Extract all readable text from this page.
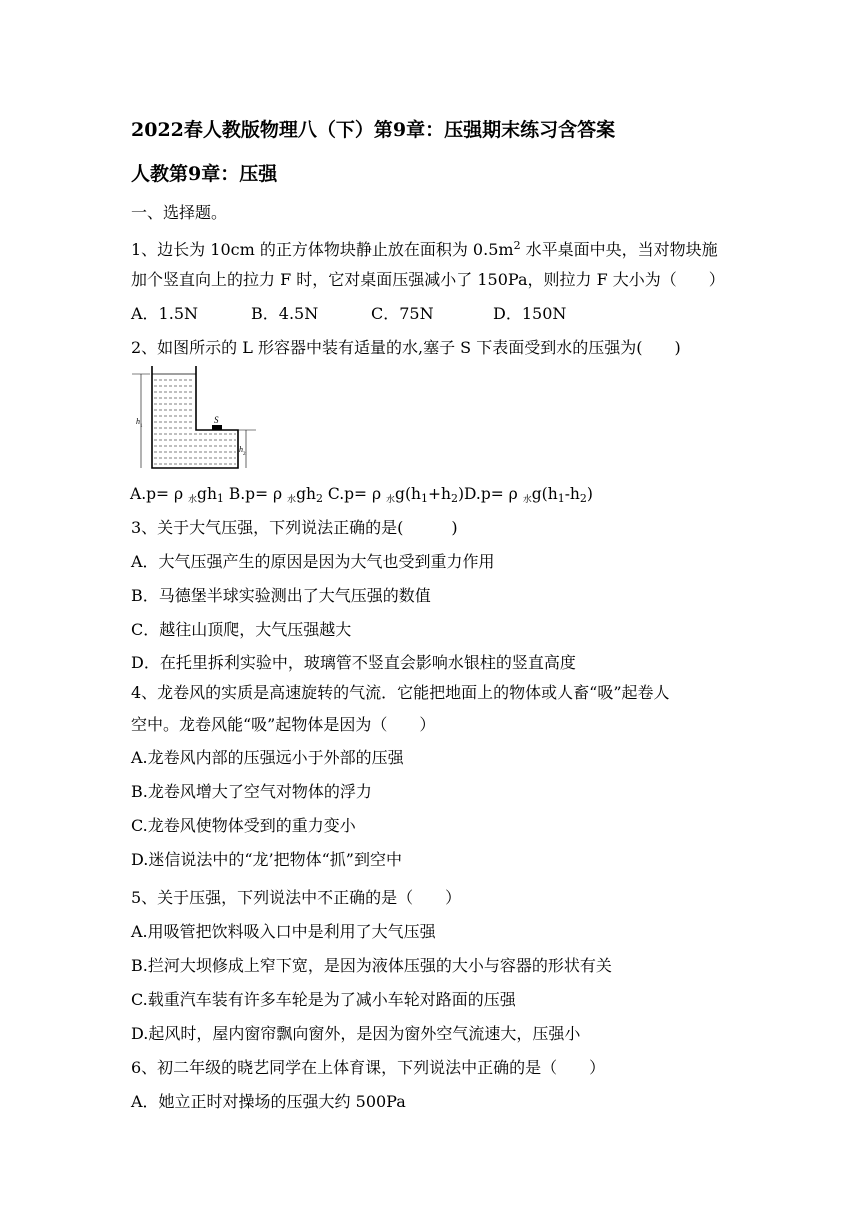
2022春人教版物理八（下）第9章：压强期末练习含答案
人教第9章：压强
一、选择题。
1、边长为 10cm 的正方体物块静止放在面积为 $0.5m^2$ 水平桌面中央，当对物块施
加个竖直向上的拉力 F 时，它对桌面压强减小了 150Pa，则拉力 F 大小为（　　）
A．1.5N	B．4.5N	C．75N	D．150N
2、如图所示的 L 形容器中装有适量的水,塞子 S 下表面受到水的压强为(　　)
S
h
1
h
2
A.p= ρ 水$gh_1$ B.p= ρ 水$gh_2$ C.p= ρ 水$g(h_1+h_2)D.p= \rho$ 水$g(h_1-h_2)$
3、关于大气压强，下列说法正确的是(　　　)
A．大气压强产生的原因是因为大气也受到重力作用
B．马德堡半球实验测出了大气压强的数值
C．越往山顶爬，大气压强越大
D．在托里拆利实验中，玻璃管不竖直会影响水银柱的竖直高度
4、龙卷风的实质是高速旋转的气流．它能把地面上的物体或人畜“吸”起卷人
空中。龙卷风能“吸”起物体是因为（　　）
A.龙卷风内部的压强远小于外部的压强
B.龙卷风增大了空气对物体的浮力
C.龙卷风使物体受到的重力变小
D.迷信说法中的“龙’把物体“抓”到空中
5、关于压强，下列说法中不正确的是（　　）
A.用吸管把饮料吸入口中是利用了大气压强
B.拦河大坝修成上窄下宽，是因为液体压强的大小与容器的形状有关
C.载重汽车装有许多车轮是为了减小车轮对路面的压强
D.起风时，屋内窗帘飘向窗外，是因为窗外空气流速大，压强小
6、初二年级的晓艺同学在上体育课，下列说法中正确的是（　　）
A．她立正时对操场的压强大约 500Pa
